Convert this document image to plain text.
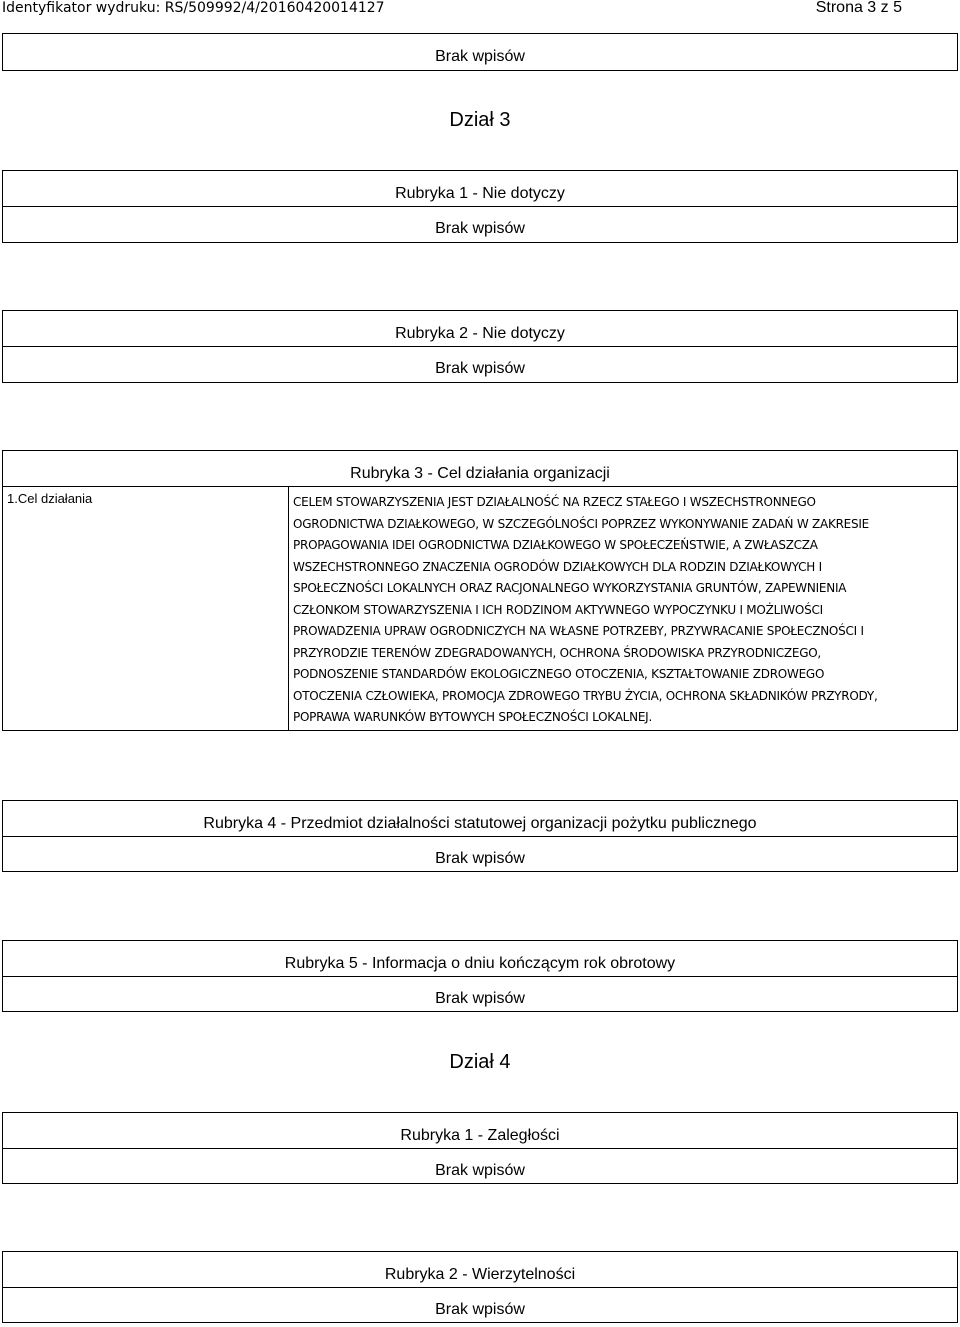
Identyfikator wydruku: RS/509992/4/20160420014127	Strona 3 z 5
Brak wpisów
Dział 3
Rubryka 1 - Nie dotyczy
Brak wpisów
Rubryka 2 - Nie dotyczy
Brak wpisów
Rubryka 3 - Cel działania organizacji
1.Cel działania	CELEM STOWARZYSZENIA JEST DZIAŁALNOŚĆ NA RZECZ STAŁEGO I WSZECHSTRONNEGO
OGRODNICTWA DZIAŁKOWEGO, W SZCZEGÓLNOŚCI POPRZEZ WYKONYWANIE ZADAŃ W ZAKRESIE
PROPAGOWANIA IDEI OGRODNICTWA DZIAŁKOWEGO W SPOŁECZEŃSTWIE, A ZWŁASZCZA
WSZECHSTRONNEGO ZNACZENIA OGRODÓW DZIAŁKOWYCH DLA RODZIN DZIAŁKOWYCH I
SPOŁECZNOŚCI LOKALNYCH ORAZ RACJONALNEGO WYKORZYSTANIA GRUNTÓW, ZAPEWNIENIA
CZŁONKOM STOWARZYSZENIA I ICH RODZINOM AKTYWNEGO WYPOCZYNKU I MOŻLIWOŚCI
PROWADZENIA UPRAW OGRODNICZYCH NA WŁASNE POTRZEBY, PRZYWRACANIE SPOŁECZNOŚCI I
PRZYRODZIE TERENÓW ZDEGRADOWANYCH, OCHRONA ŚRODOWISKA PRZYRODNICZEGO,
PODNOSZENIE STANDARDÓW EKOLOGICZNEGO OTOCZENIA, KSZTAŁTOWANIE ZDROWEGO
OTOCZENIA CZŁOWIEKA, PROMOCJA ZDROWEGO TRYBU ŻYCIA, OCHRONA SKŁADNIKÓW PRZYRODY,
POPRAWA WARUNKÓW BYTOWYCH SPOŁECZNOŚCI LOKALNEJ.
Rubryka 4 - Przedmiot działalności statutowej organizacji pożytku publicznego
Brak wpisów
Rubryka 5 - Informacja o dniu kończącym rok obrotowy
Brak wpisów
Dział 4
Rubryka 1 - Zaległości
Brak wpisów
Rubryka 2 - Wierzytelności
Brak wpisów
